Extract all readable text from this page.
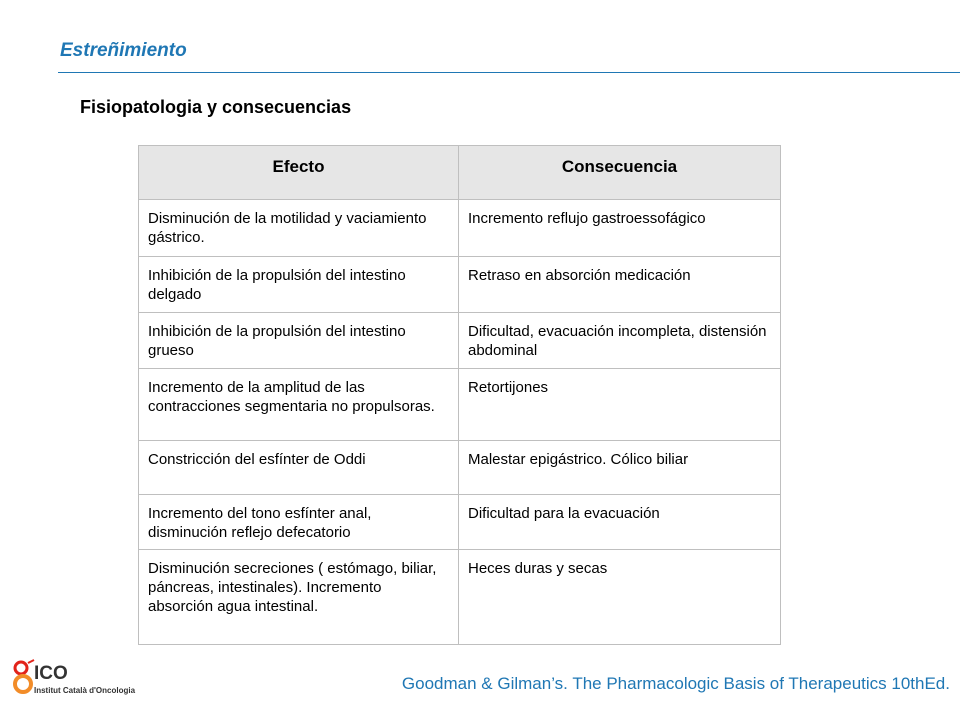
Estreñimiento
Fisiopatologia y consecuencias
Efecto	Consecuencia
Disminución de la motilidad y vaciamiento gástrico.	Incremento reflujo gastroessofágico
Inhibición de la propulsión del intestino delgado	Retraso en absorción medicación
Inhibición de la propulsión del intestino grueso	Dificultad, evacuación incompleta, distensión abdominal
Incremento de la amplitud de las contracciones segmentaria no propulsoras.	Retortijones
Constricción del esfínter de Oddi	Malestar epigástrico. Cólico biliar
Incremento del tono esfínter anal, disminución reflejo defecatorio	Dificultad para la evacuación
Disminución secreciones ( estómago, biliar, páncreas, intestinales). Incremento absorción agua intestinal.	Heces duras y secas
ICO
Institut Català d'Oncologia	Goodman & Gilman’s. The Pharmacologic Basis of Therapeutics 10thEd.
